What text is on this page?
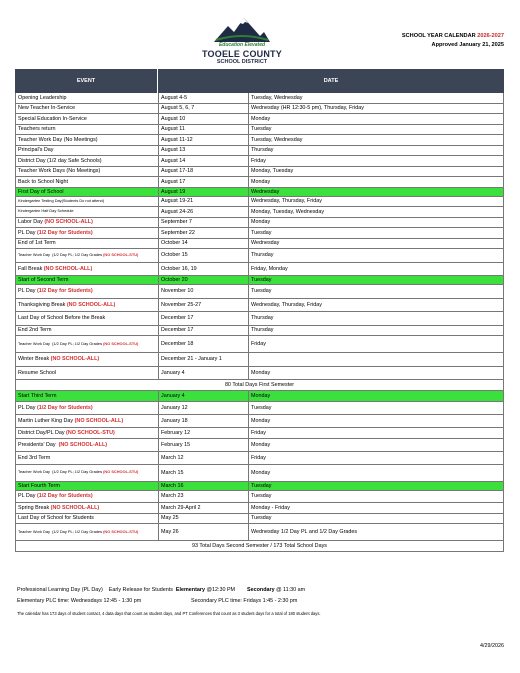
Education Elevated
TOOELE COUNTY
SCHOOL DISTRICT
SCHOOL YEAR CALENDAR 2026-2027
Approved January 21, 2025
EVENT	DATE
Opening Leadership	August 4-5	Tuesday, Wednesday
New Teacher In-Service	August 5, 6, 7	Wednesday (HR 12:30-5 pm), Thursday, Friday
Special Education In-Service	August 10	Monday
Teachers return	August 11	Tuesday
Teacher Work Day (No Meetings)	August 11-12	Tuesday, Wednesday
Principal's Day	August 13	Thursday
District Day (1/2 day Safe Schools)	August 14	Friday
Teacher Work Days (No Meetings)	August 17-18	Monday, Tuesday
Back to School Night	August 17	Monday
First Day of School	August 19	Wednesday
Kindergarten Testing Day(Students Do not attend)	August 19-21	Wednesday, Thursday, Friday
Kindergarten Half Day Schedule	August 24-26	Monday, Tuesday, Wednesday
Labor Day (NO SCHOOL-ALL)	September 7	Monday
PL Day (1/2 Day for Students)	September 22	Tuesday
End of 1st Term	October 14	Wednesday
Teacher Work Day  (1/2 Day PL; 1/2 Day Grades (NO SCHOOL-STU)	October 15	Thursday
Fall Break (NO SCHOOL-ALL)	October 16, 19	Friday, Monday
Start of Second Term	October 20	Tuesday
PL Day (1/2 Day for Students)	November 10	Tuesday
Thanksgiving Break (NO SCHOOL-ALL)	November 25-27	Wednesday, Thursday, Friday
Last Day of School Before the Break	December 17	Thursday
End 2nd Term	December 17	Thursday
Teacher Work Day  (1/2 Day PL; 1/2 Day Grades (NO SCHOOL-STU)	December 18	Friday
Winter Break (NO SCHOOL-ALL)	December 21 - January 1
Resume School	January 4	Monday
80 Total Days First Semester
Start Third Term	January 4	Monday
PL Day (1/2 Day for Students)	January 12	Tuesday
Martin Luther King Day (NO SCHOOL-ALL)	January 18	Monday
District Day/PL Day (NO SCHOOL-STU)	February 12	Friday
Presidents' Day  (NO SCHOOL-ALL)	February 15	Monday
End 3rd Term	March 12	Friday
Teacher Work Day  (1/2 Day PL; 1/2 Day Grades (NO SCHOOL-STU)	March 15	Monday
Start Fourth Term	March 16	Tuesday
PL Day (1/2 Day for Students)	March 23	Tuesday
Spring Break (NO SCHOOL-ALL)	March 29-April 2	Monday - Friday
Last Day of School for Students	May 25	Tuesday
Teacher Work Day  (1/2 Day PL; 1/2 Day Grades (NO SCHOOL-STU)	May 26	Wednesday 1/2 Day PL and 1/2 Day Grades
93 Total Days Second Semester / 173 Total School Days
Professional Learning Day (PL Day)    Early Release for Students  Elementary @12:30 PM        Secondary @ 11:30 am
Elementary PLC time: Wednesdays 12:45 - 1:30 pm	Secondary PLC time: Fridays 1:45 - 2:30 pm
The calendar has 173 days of student contact, 4 data days that count as student days, and PT Conferences that count as 3 student days for a total of 180 student days.
4/29/2026
